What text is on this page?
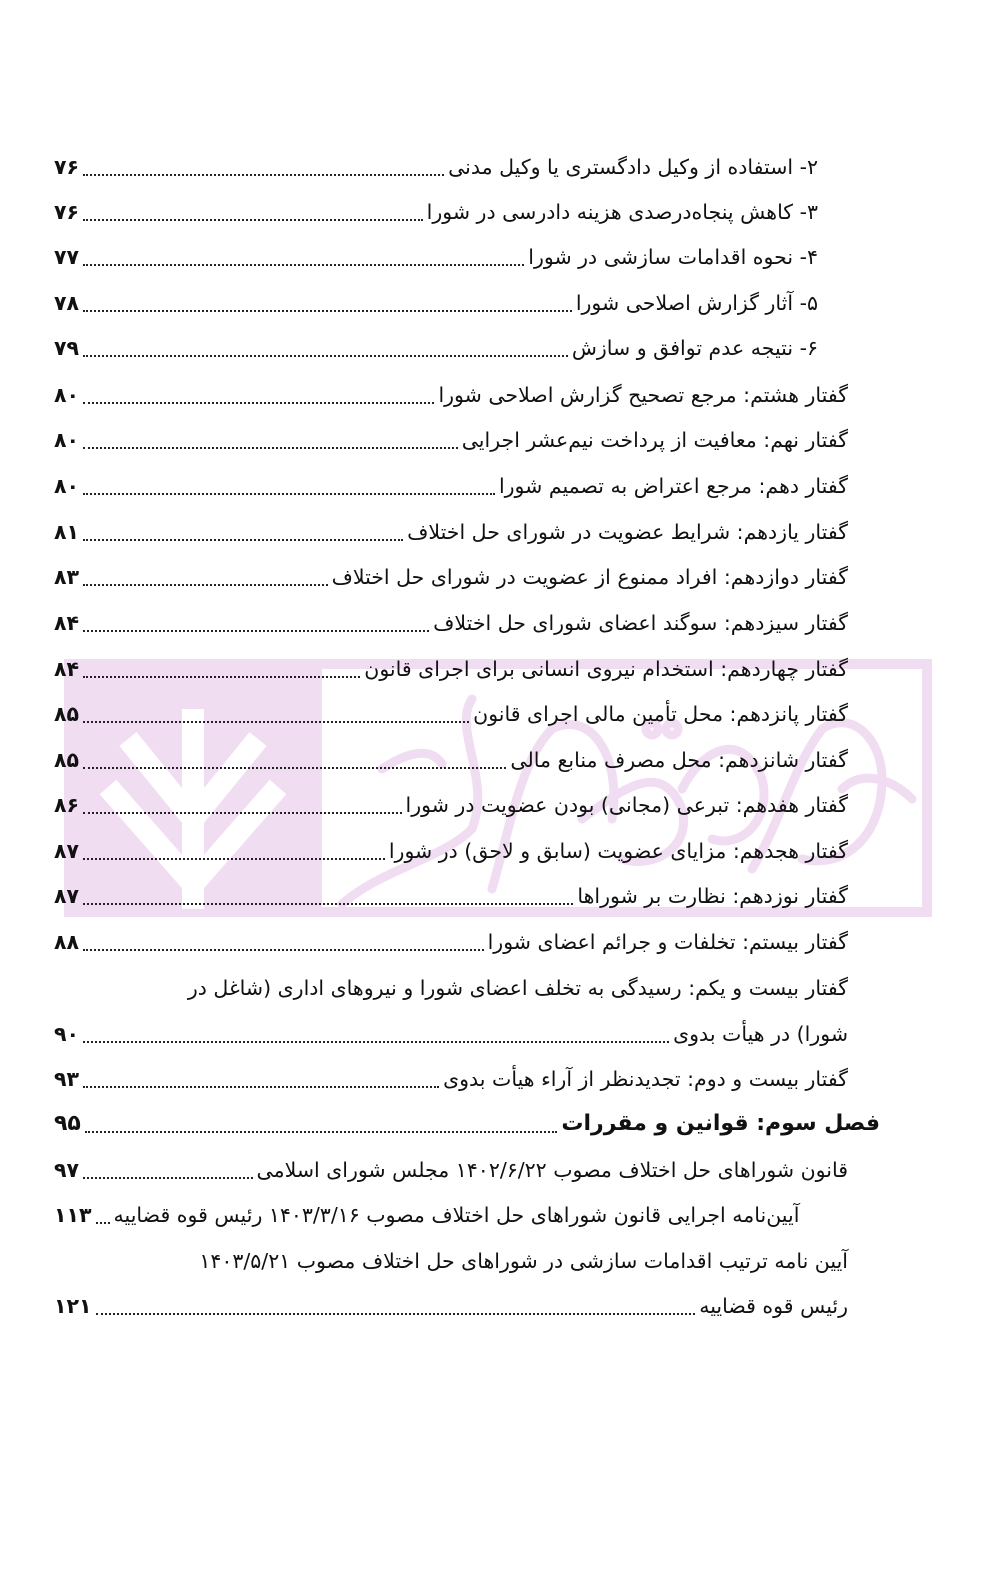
۷۶	۲- استفاده از وکیل دادگستری یا وکیل مدنی
۷۶	۳- کاهش پنجاه‌درصدی هزینه دادرسی در شورا
۷۷	۴- نحوه اقدامات سازشی در شورا
۷۸	۵- آثار گزارش اصلاحی شورا
۷۹	۶- نتیجه عدم توافق و سازش
۸۰	گفتار هشتم: مرجع تصحیح گزارش اصلاحی شورا
۸۰	گفتار نهم: معافیت از پرداخت نیم‌عشر اجرایی
۸۰	گفتار دهم: مرجع اعتراض به تصمیم شورا
۸۱	گفتار یازدهم: شرایط عضویت در شورای حل اختلاف
۸۳	گفتار دوازدهم: افراد ممنوع از عضویت در شورای حل اختلاف
۸۴	گفتار سیزدهم: سوگند اعضای شورای حل اختلاف
۸۴	گفتار چهاردهم: استخدام نیروی انسانی برای اجرای قانون
۸۵	گفتار پانزدهم: محل تأمین مالی اجرای قانون
۸۵	گفتار شانزدهم: محل مصرف منابع مالی
۸۶	گفتار هفدهم: تبرعی (مجانی) بودن عضویت در شورا
۸۷	گفتار هجدهم: مزایای عضویت (سابق و لاحق) در شورا
۸۷	گفتار نوزدهم: نظارت بر شوراها
۸۸	گفتار بیستم: تخلفات و جرائم اعضای شورا
گفتار بیست و یکم: رسیدگی به تخلف اعضای شورا و نیروهای اداری (شاغل در
۹۰	شورا) در هیأت بدوی
۹۳	گفتار بیست و دوم: تجدیدنظر از آراء هیأت بدوی
۹۵	فصل سوم: قوانین و مقررات
۹۷	قانون شوراهای حل اختلاف مصوب ۱۴۰۲/۶/۲۲ مجلس شورای اسلامی
۱۱۳ آیین‌نامه اجرایی قانون شوراهای حل اختلاف مصوب ۱۴۰۳/۳/۱۶ رئیس قوه قضاییه
آیین نامه ترتیب اقدامات سازشی در شوراهای حل اختلاف مصوب ۱۴۰۳/۵/۲۱
۱۲۱	رئیس قوه قضاییه
